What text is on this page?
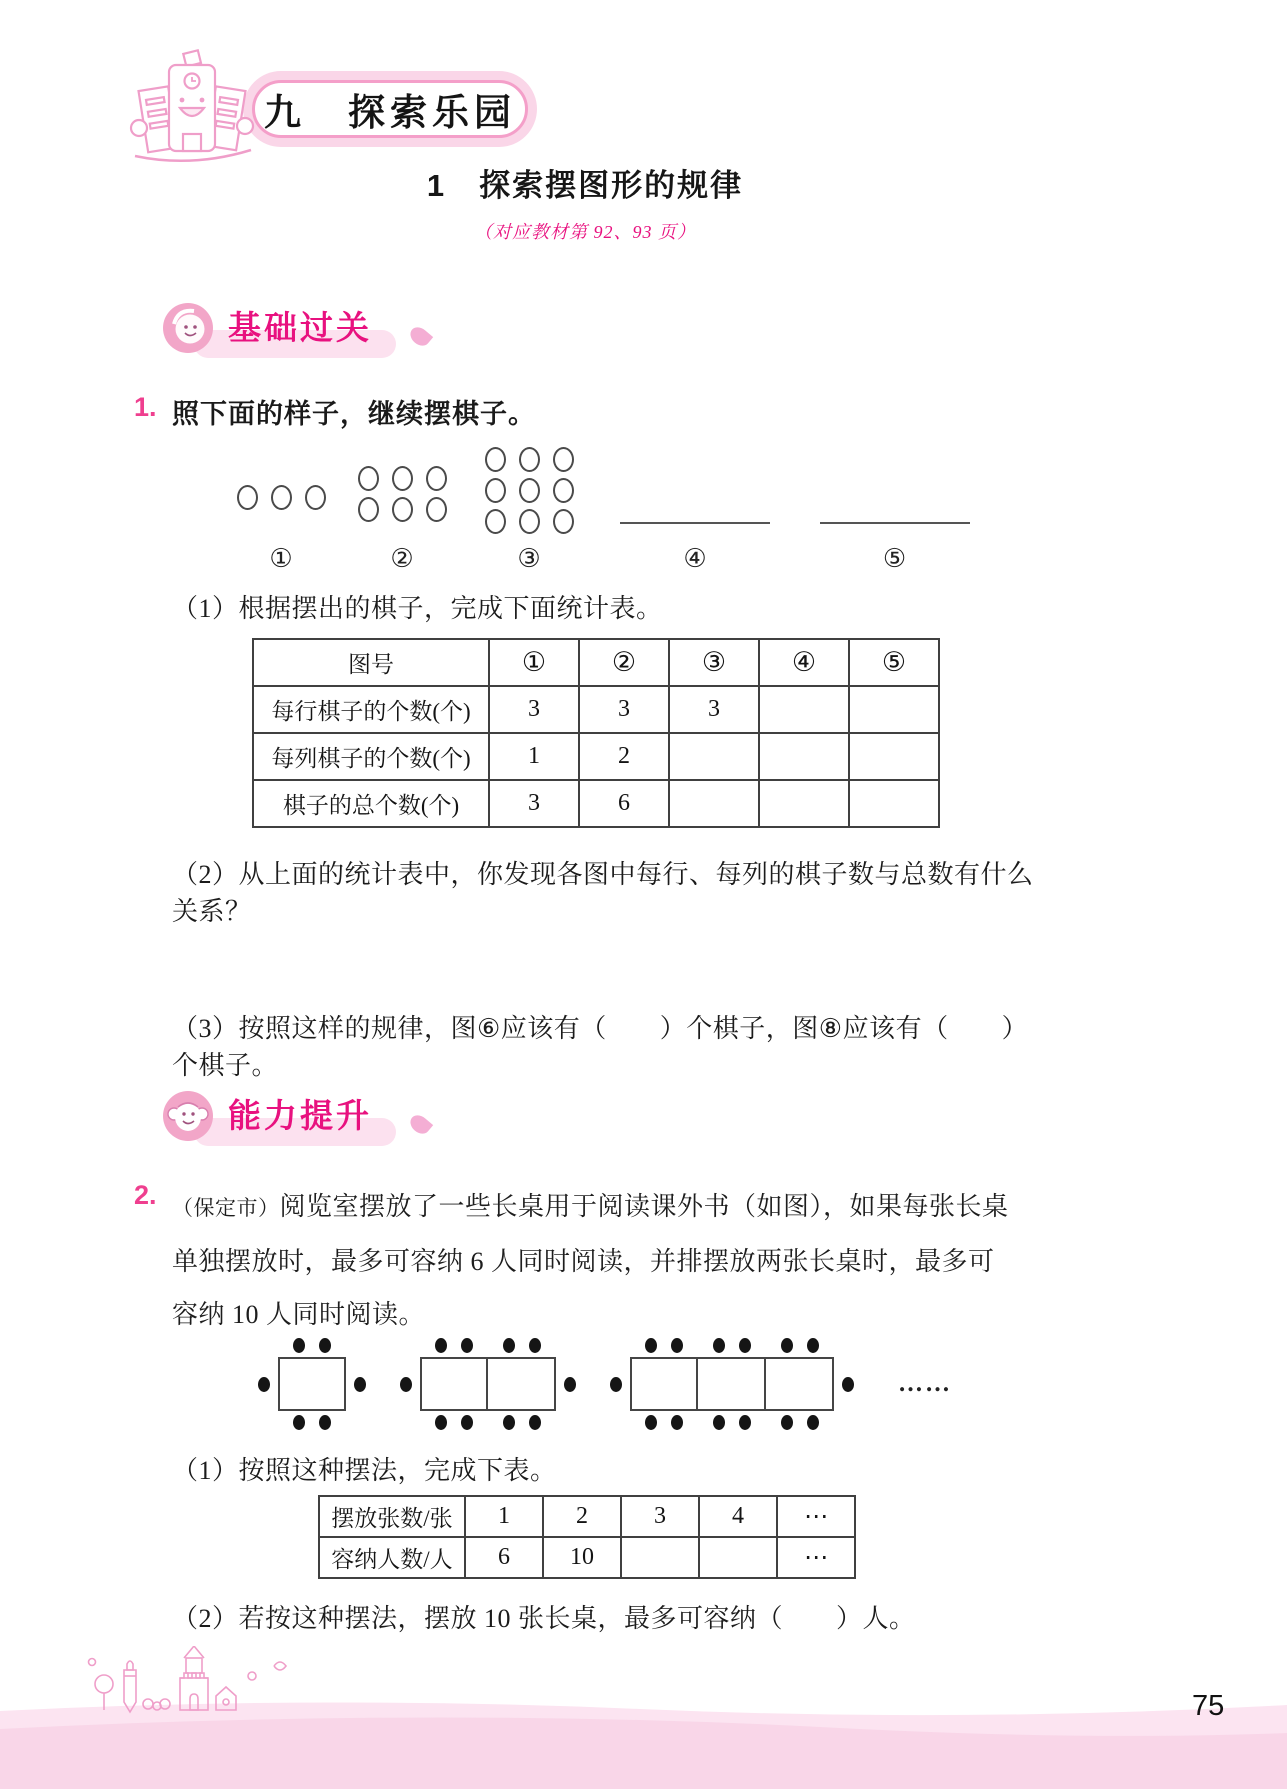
九　探索乐园
1　探索摆图形的规律
（对应教材第 92、93 页）
基础过关
1. 照下面的样子，继续摆棋子。
①	②	③	④	⑤
（1）根据摆出的棋子，完成下面统计表。
图号	①	②	③	④	⑤
每行棋子的个数(个)	3	3	3		
每列棋子的个数(个)	1	2			
棋子的总个数(个)	3	6			
（2）从上面的统计表中，你发现各图中每行、每列的棋子数与总数有什么关系？
（3）按照这样的规律，图⑥应该有（　　）个棋子，图⑧应该有（　　）个棋子。
能力提升
2. （保定市）阅览室摆放了一些长桌用于阅读课外书（如图），如果每张长桌单独摆放时，最多可容纳 6 人同时阅读，并排摆放两张长桌时，最多可容纳 10 人同时阅读。
……
（1）按照这种摆法，完成下表。
摆放张数/张	1	2	3	4	⋯
容纳人数/人	6	10			⋯
（2）若按这种摆法，摆放 10 张长桌，最多可容纳（　　）人。
75
